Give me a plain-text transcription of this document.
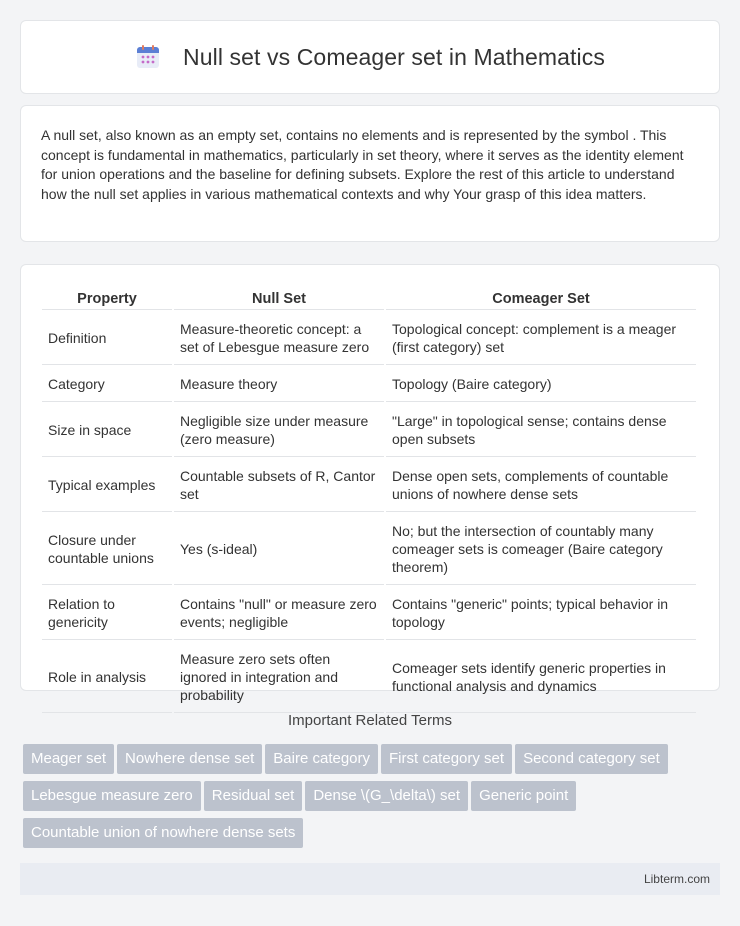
Null set vs Comeager set in Mathematics

A null set, also known as an empty set, contains no elements and is represented by the symbol . This concept is fundamental in mathematics, particularly in set theory, where it serves as the identity element for union operations and the baseline for defining subsets. Explore the rest of this article to understand how the null set applies in various mathematical contexts and why Your grasp of this idea matters.

Property	Null Set	Comeager Set
Definition	Measure-theoretic concept: a set of Lebesgue measure zero	Topological concept: complement is a meager (first category) set
Category	Measure theory	Topology (Baire category)
Size in space	Negligible size under measure (zero measure)	"Large" in topological sense; contains dense open subsets
Typical examples	Countable subsets of R, Cantor set	Dense open sets, complements of countable unions of nowhere dense sets
Closure under countable unions	Yes (s-ideal)	No; but the intersection of countably many comeager sets is comeager (Baire category theorem)
Relation to genericity	Contains "null" or measure zero events; negligible	Contains "generic" points; typical behavior in topology
Role in analysis	Measure zero sets often ignored in integration and probability	Comeager sets identify generic properties in functional analysis and dynamics
Important Related Terms
Meager set Nowhere dense set Baire category First category set Second category set
Lebesgue measure zero Residual set Dense \(G_\delta\) set Generic point
Countable union of nowhere dense sets
Libterm.com
